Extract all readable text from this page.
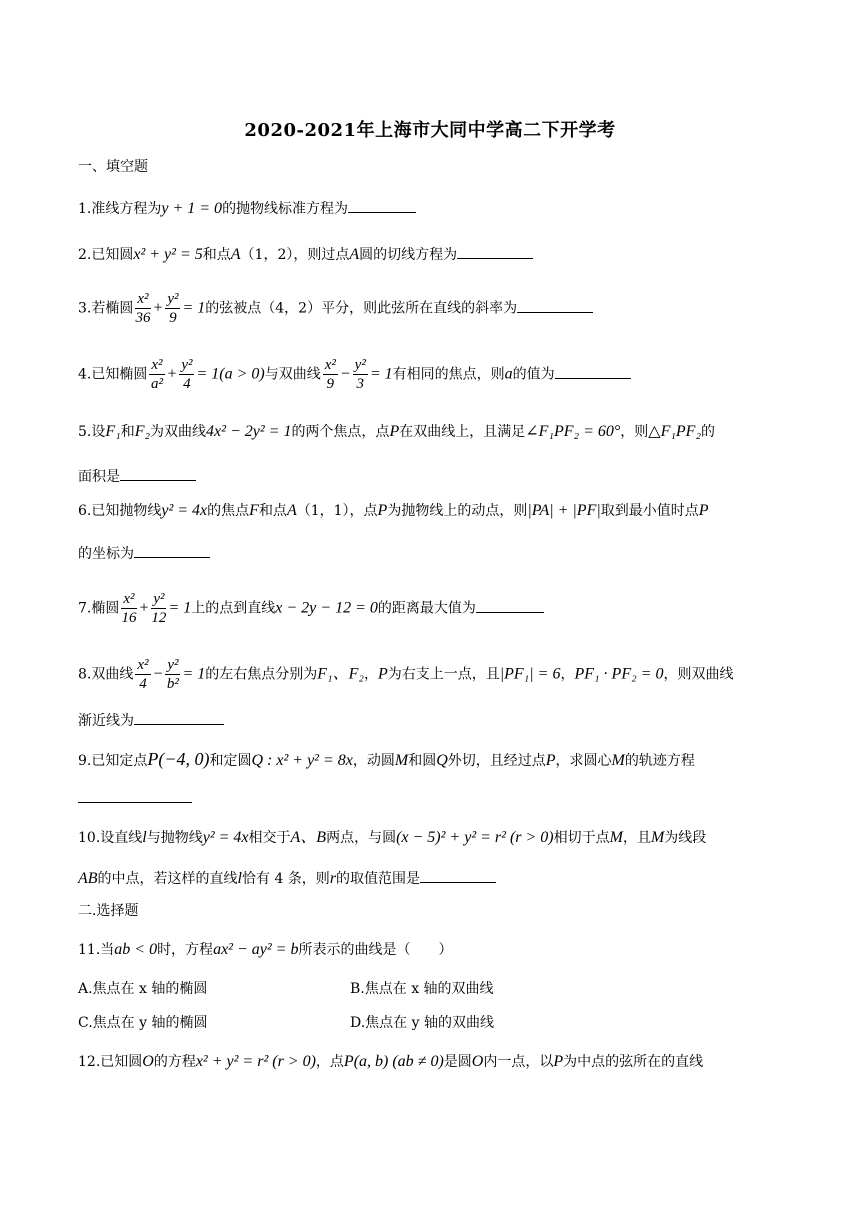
2020-2021年上海市大同中学高二下开学考
一、填空题
1.准线方程为y + 1 = 0的抛物线标准方程为
2.已知圆x² + y² = 5和点A（1，2），则过点A圆的切线方程为
3.若椭圆 $\frac{\text{x²}}{36} + \frac{\text{y²}}{9} = 1$的弦被点（4，2）平分，则此弦所在直线的斜率为
4.已知椭圆 $\frac{\text{x²}}{\text{a²}} + \frac{\text{y²}}{4} = 1(a > 0)$与双曲线 $\frac{\text{x²}}{9} - \frac{\text{y²}}{3} = 1$有相同的焦点，则a的值为
5.设F₁和F₂为双曲线4x² − 2y² = 1的两个焦点，点P在双曲线上，且满足∠F₁PF₂ = 60°，则△F₁PF₂的
面积是
6.已知抛物线y² = 4x的焦点F和点A（1，1），点P为抛物线上的动点，则|PA| + |PF|取到最小值时点P
的坐标为
7.椭圆 $\frac{\text{x²}}{16} + \frac{\text{y²}}{12} = 1$上的点到直线x − 2y − 12 = 0的距离最大值为
8.双曲线 $\frac{\text{x²}}{4} - \frac{\text{y²}}{\text{b²}} = 1$的左右焦点分别为F₁、F₂，P为右支上一点，且|PF₁| = 6，PF₁ · PF₂ = 0，则双曲线
渐近线为
9.已知定点P(−4, 0)和定圆Q : x² + y² = 8x，动圆M和圆Q外切，且经过点P，求圆心M的轨迹方程
10.设直线l与抛物线y² = 4x相交于A、B两点，与圆(x − 5)² + y² = r² (r > 0)相切于点M，且M为线段
AB的中点，若这样的直线l恰有 4 条，则r的取值范围是
二.选择题
11.当ab < 0时，方程ax² − ay² = b所表示的曲线是（　　）
A.焦点在 x 轴的椭圆	B.焦点在 x 轴的双曲线
C.焦点在 y 轴的椭圆	D.焦点在 y 轴的双曲线
12.已知圆O的方程x² + y² = r² (r > 0)，点P(a, b) (ab ≠ 0)是圆O内一点，以P为中点的弦所在的直线
